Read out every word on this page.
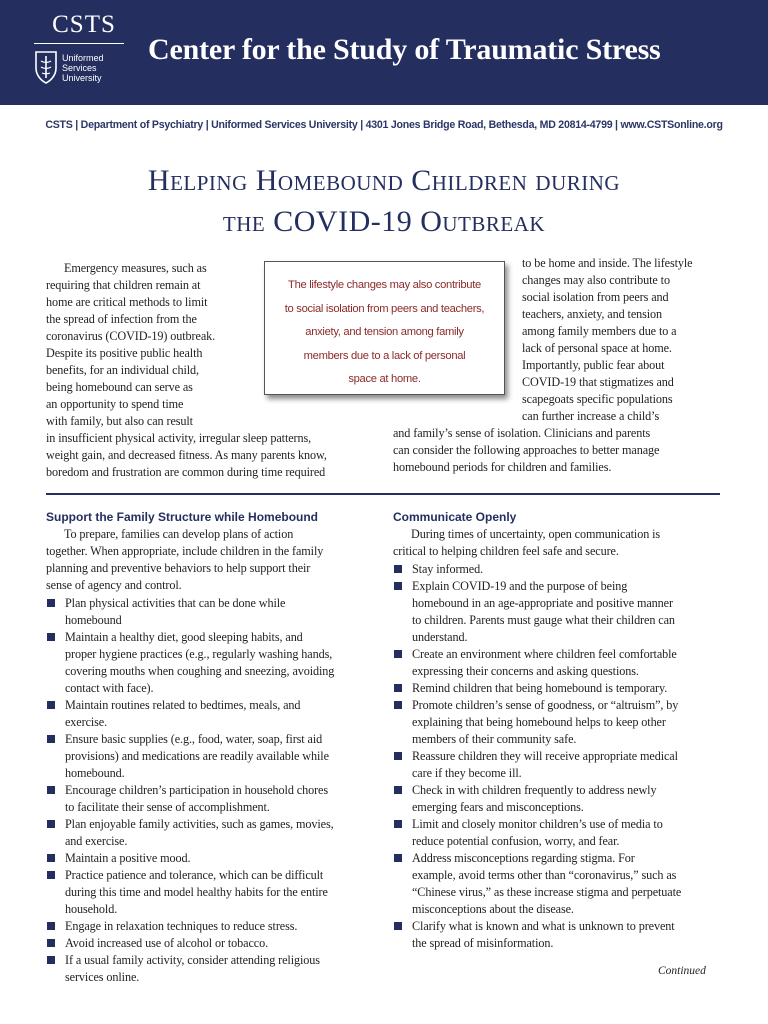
CSTS
Uniformed
Services
University
Center for the Study of Traumatic Stress
CSTS | Department of Psychiatry | Uniformed Services University | 4301 Jones Bridge Road, Bethesda, MD 20814-4799 | www.CSTSonline.org
Helping Homebound Children during
the COVID-19 Outbreak
Emergency measures, such as
requiring that children remain at
home are critical methods to limit
the spread of infection from the
coronavirus (COVID-19) outbreak.
Despite its positive public health
benefits, for an individual child,
being homebound can serve as
an opportunity to spend time
with family, but also can result
in insufficient physical activity, irregular sleep patterns,
weight gain, and decreased fitness. As many parents know,
boredom and frustration are common during time required
The lifestyle changes may also contribute
to social isolation from peers and teachers,
anxiety, and tension among family
members due to a lack of personal
space at home.
to be home and inside. The lifestyle
changes may also contribute to
social isolation from peers and
teachers, anxiety, and tension
among family members due to a
lack of personal space at home.
Importantly, public fear about
COVID-19 that stigmatizes and
scapegoats specific populations
can further increase a child’s
and family’s sense of isolation. Clinicians and parents
can consider the following approaches to better manage
homebound periods for children and families.
Support the Family Structure while Homebound
To prepare, families can develop plans of action
together. When appropriate, include children in the family
planning and preventive behaviors to help support their
sense of agency and control.
Plan physical activities that can be done while
homebound
Maintain a healthy diet, good sleeping habits, and
proper hygiene practices (e.g., regularly washing hands,
covering mouths when coughing and sneezing, avoiding
contact with face).
Maintain routines related to bedtimes, meals, and
exercise.
Ensure basic supplies (e.g., food, water, soap, first aid
provisions) and medications are readily available while
homebound.
Encourage children’s participation in household chores
to facilitate their sense of accomplishment.
Plan enjoyable family activities, such as games, movies,
and exercise.
Maintain a positive mood.
Practice patience and tolerance, which can be difficult
during this time and model healthy habits for the entire
household.
Engage in relaxation techniques to reduce stress.
Avoid increased use of alcohol or tobacco.
If a usual family activity, consider attending religious
services online.
Communicate Openly
During times of uncertainty, open communication is
critical to helping children feel safe and secure.
Stay informed.
Explain COVID-19 and the purpose of being
homebound in an age-appropriate and positive manner
to children. Parents must gauge what their children can
understand.
Create an environment where children feel comfortable
expressing their concerns and asking questions.
Remind children that being homebound is temporary.
Promote children’s sense of goodness, or “altruism”, by
explaining that being homebound helps to keep other
members of their community safe.
Reassure children they will receive appropriate medical
care if they become ill.
Check in with children frequently to address newly
emerging fears and misconceptions.
Limit and closely monitor children’s use of media to
reduce potential confusion, worry, and fear.
Address misconceptions regarding stigma. For
example, avoid terms other than “coronavirus,” such as
“Chinese virus,” as these increase stigma and perpetuate
misconceptions about the disease.
Clarify what is known and what is unknown to prevent
the spread of misinformation.
Continued
